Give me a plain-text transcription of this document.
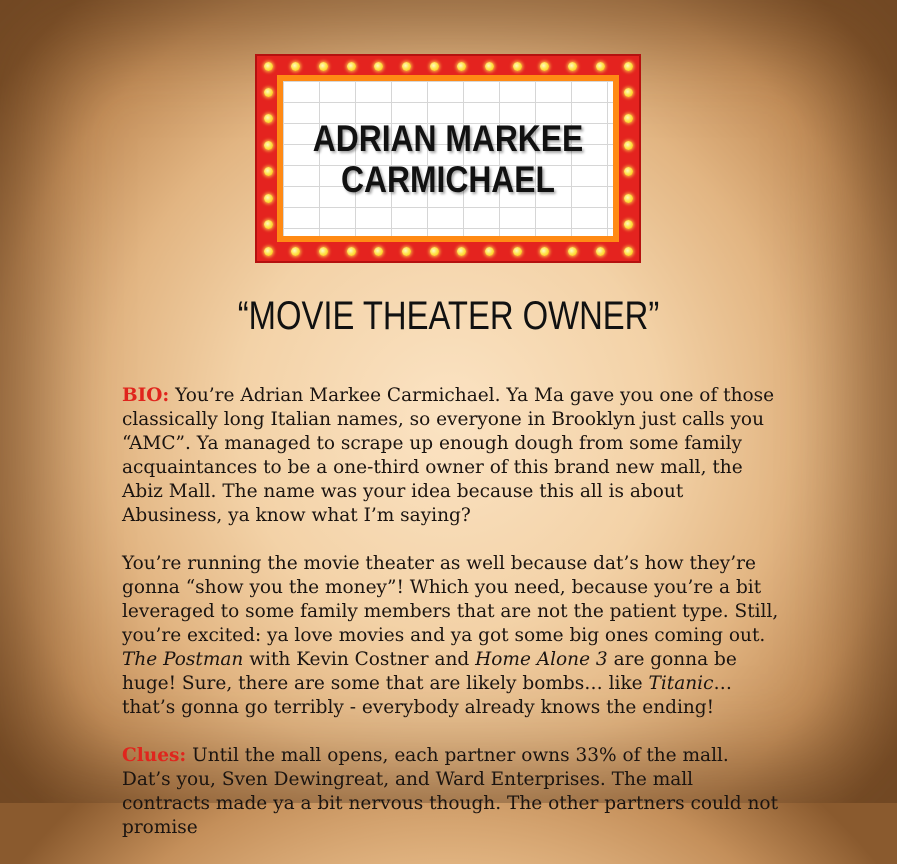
ADRIAN MARKEE
CARMICHAEL
“MOVIE THEATER OWNER”

BIO: You’re Adrian Markee Carmichael. Ya Ma gave you one of those classically long Italian names, so everyone in Brooklyn just calls you “AMC”. Ya managed to scrape up enough dough from some family acquaintances to be a one-third owner of this brand new mall, the Abiz Mall. The name was your idea because this all is about Abusiness, ya know what I’m saying?

You’re running the movie theater as well because dat’s how they’re gonna “show you the money”! Which you need, because you’re a bit leveraged to some family members that are not the patient type. Still, you’re excited: ya love movies and ya got some big ones coming out. The Postman with Kevin Costner and Home Alone 3 are gonna be huge! Sure, there are some that are likely bombs… like Titanic… that’s gonna go terribly - everybody already knows the ending!

Clues: Until the mall opens, each partner owns 33% of the mall. Dat’s you, Sven Dewingreat, and Ward Enterprises. The mall contracts made ya a bit nervous though. The other partners could not promise
